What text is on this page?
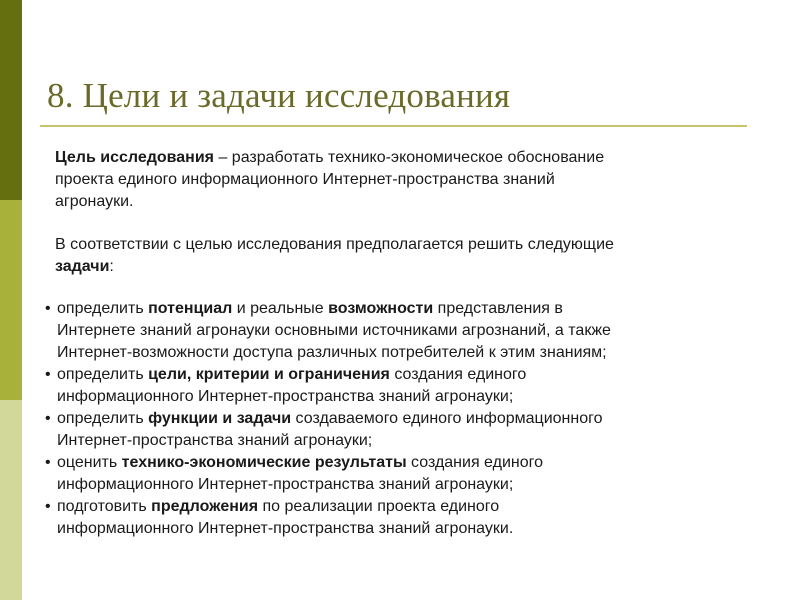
8. Цели и задачи исследования
Цель исследования – разработать технико-экономическое обоснование
проекта единого информационного Интернет-пространства знаний
агронауки.
В соответствии с целью исследования предполагается решить следующие
задачи:
• определить потенциал и реальные возможности представления в
Интернете знаний агронауки основными источниками агрознаний, а также
Интернет-возможности доступа различных потребителей к этим знаниям;
• определить цели, критерии и ограничения создания единого
информационного Интернет-пространства знаний агронауки;
• определить функции и задачи создаваемого единого информационного
Интернет-пространства знаний агронауки;
• оценить технико-экономические результаты создания единого
информационного Интернет-пространства знаний агронауки;
• подготовить предложения по реализации проекта единого
информационного Интернет-пространства знаний агронауки.
